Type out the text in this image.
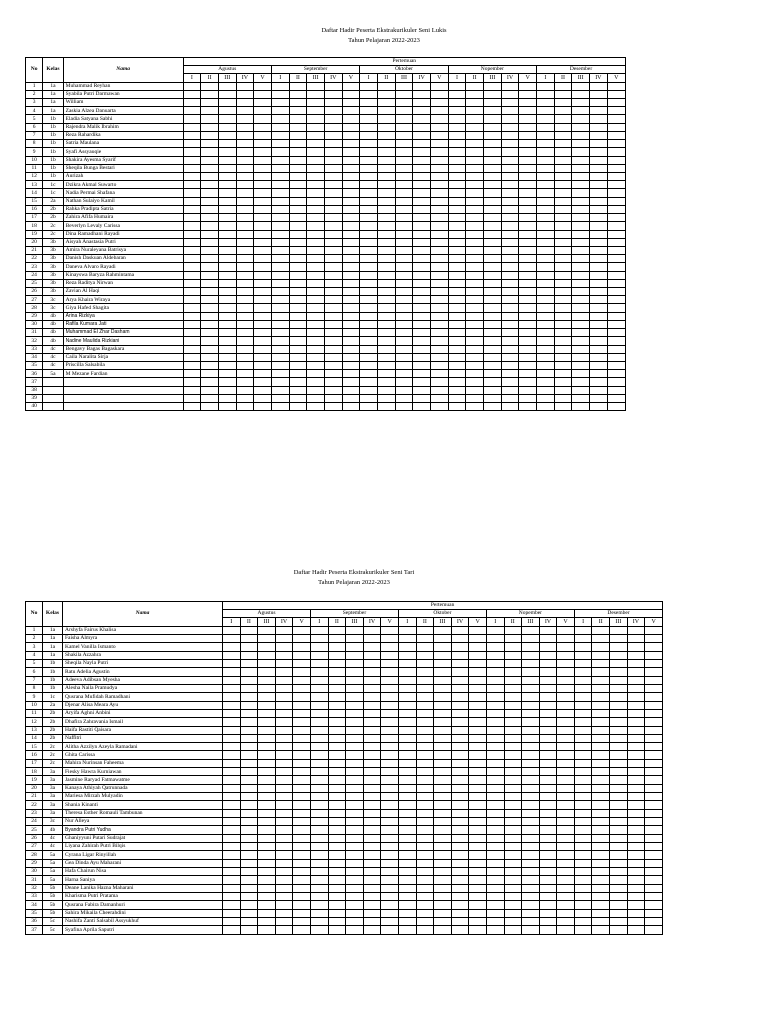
Daftar Hadir Peserta Ekstrakurikuler Seni Lukis
Tahun Pelajaran 2022-2023
No	Kelas	Nama	Pertemuan																								
			Agustus					September					Oktober					Nopember					Desember				
			I	II	III	IV	V	I	II	III	IV	V	I	II	III	IV	V	I	II	III	IV	V	I	II	III	IV	V
1	1a	Muhammad Reyhan																									
2	1a	Syabila Putri Darmawan																									
3	1a	William																									
4	1a	Zaskia Alzea Danuarta																									
5	1b	Eladia Satyana Sabhi																									
6	1b	Rajendra Malik Ibrahim																									
7	1b	Reza Rahardika																									
8	1b	Satria Maulana																									
9	1b	Syafi Assyauqie																									
10	1b	Shakira Ayesma Syarif																									
11	1b	Sheqila Bunga Bestari																									
12	1b	Aurizah																									
13	1c	Dzikra Akmal Suwarto																									
14	1c	Nadia Permai Shafana																									
15	2a	Nathan Sulaiyo Kamil																									
16	2b	Rahka Pradipta Satria																									
17	2b	Zahira Afifa Humaira																									
18	2c	Beverlyn Levaly Carissa																									
19	2c	Dina Ramadhani Rayadi																									
20	3b	Aisyah Anastasia Putri																									
21	3b	Amira Nuraleyana Batrisya																									
22	3b	Danish Daskuan Aldebaran																									
23	3b	Daneva Alvaro Rayadi																									
24	3b	Kinayswa Baryza Rahmintama																									
25	3b	Reza Raditya Nirwan																									
26	3b	Zavian Al Haqi																									
27	3c	Arya Khaira Wiraya																									
28	3c	Giya Hafed Shagita																									
29	4b	Arina Rizkiya																									
30	4b	Rafila Kumara Jati																									
31	4b	Muhammad El Zhar Dasham																									
32	4b	Nadine Maulida Rizkiani																									
33	4c	Bengavy Bagas Bagaskara																									
34	4c	Caila Naralita Sirja																									
35	4c	Priscilla Salsabila																									
36	5a	M Mezane Fardian																									
37																											
38																											
39																											
40																											
Daftar Hadir Peserta Ekstrakurikuler Seni Tari
Tahun Pelajaran 2022-2023
No	Kelas	Nama	Pertemuan																								
			Agustus					September					Oktober					Nopember					Desember				
			I	II	III	IV	V	I	II	III	IV	V	I	II	III	IV	V	I	II	III	IV	V	I	II	III	IV	V
1	1a	Arshyfa Fairus Khalisa																									
2	1a	Faisha Almyra																									
3	1a	Kamel Vanilla Ismanto																									
4	1a	Shakila Azzahra																									
5	1b	Sheqila Nayla Putri																									
6	1b	Ratu Adelia Agustin																									
7	1b	Adeeva Adibsan Myesha																									
8	1b	Alesha Naila Pramudya																									
9	1c	Qusrana Mufidah Ramadhani																									
10	2a	Djenar Alisa Meara Ayu																									
11	2b	Aryifa Aghni Anbini																									
12	2b	Dhafira Zahravania Ismail																									
13	2b	Haifa Rastiti Qaisara																									
14	2b	Naffitri																									
15	2c	Alitha Azzilyn Azeyla Ramadani																									
16	2c	Ghita Carissa																									
17	2c	Mahira Nurinsan Faheema																									
18	3a	Fiesky Hawra Kurniawan																									
19	3a	Jasmine Raryad Fatmawatme																									
20	3a	Kanaya Athiyah Qatrunnada																									
21	3a	Mariesa Mirzah Mulyadin																									
22	3a	Shania Kinanti																									
23	3a	Theresa Esther Romauli Tambunan																									
24	3c	Nur Alleya																									
25	4b	Byandra Putri Yudha																									
26	4c	Ghaniyyuni Putari Sudrajat																									
27	4c	Liyana Zahirah Putri Bilqis																									
28	5a	Cyrana Ligar Rinyillah																									
29	5a	Gea Dinda Ayu Maharani																									
30	5a	Hafa Chairun Nisa																									
31	5a	Harna Saniya																									
32	5b	Deane Lanika Hazna Maharani																									
33	5b	Kharisma Putri Pratama																									
34	5b	Qusrana Fabira Damanhuri																									
35	5b	Sahira Mikaila Cheerahdini																									
36	5c	Nashifa Zanti Salsabil Assyukhuf																									
37	5c	Syafina Aprila Saputri																									
